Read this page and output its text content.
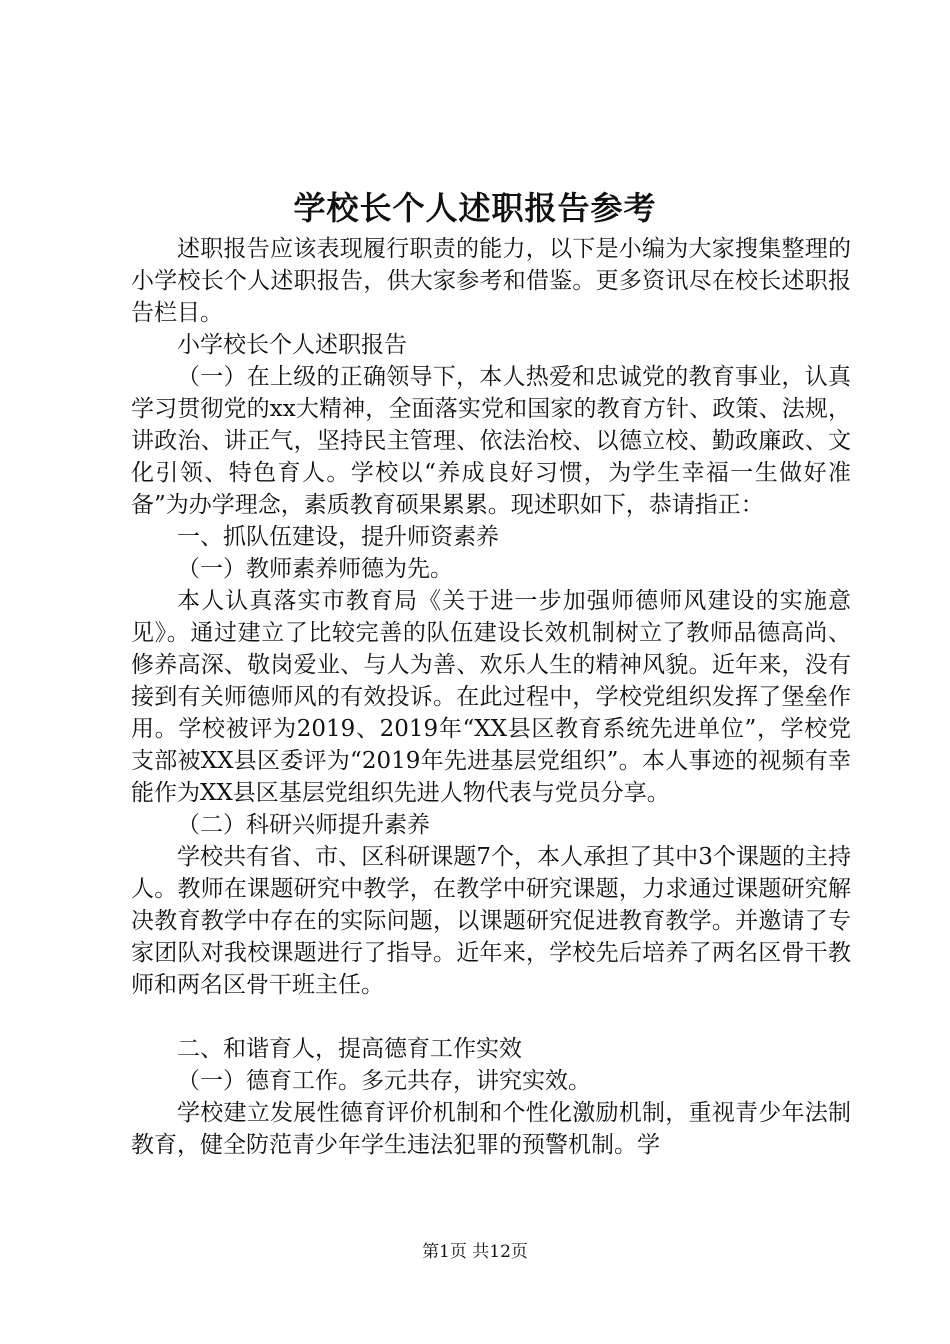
学校长个人述职报告参考

述职报告应该表现履行职责的能力，以下是小编为大家搜集整理的小学校长个人述职报告，供大家参考和借鉴。更多资讯尽在校长述职报告栏目。

小学校长个人述职报告

（一）在上级的正确领导下，本人热爱和忠诚党的教育事业，认真学习贯彻党的xx大精神，全面落实党和国家的教育方针、政策、法规，讲政治、讲正气，坚持民主管理、依法治校、以德立校、勤政廉政、文化引领、特色育人。学校以“养成良好习惯，为学生幸福一生做好准备”为办学理念，素质教育硕果累累。现述职如下，恭请指正：

一、抓队伍建设，提升师资素养

（一）教师素养师德为先。

本人认真落实市教育局《关于进一步加强师德师风建设的实施意见》。通过建立了比较完善的队伍建设长效机制树立了教师品德高尚、修养高深、敬岗爱业、与人为善、欢乐人生的精神风貌。近年来，没有接到有关师德师风的有效投诉。在此过程中，学校党组织发挥了堡垒作用。学校被评为2019、2019年“XX县区教育系统先进单位”，学校党支部被XX县区委评为“2019年先进基层党组织”。本人事迹的视频有幸能作为XX县区基层党组织先进人物代表与党员分享。

（二）科研兴师提升素养

学校共有省、市、区科研课题7个，本人承担了其中3个课题的主持人。教师在课题研究中教学，在教学中研究课题，力求通过课题研究解决教育教学中存在的实际问题，以课题研究促进教育教学。并邀请了专家团队对我校课题进行了指导。近年来，学校先后培养了两名区骨干教师和两名区骨干班主任。

二、和谐育人，提高德育工作实效

（一）德育工作。多元共存，讲究实效。

学校建立发展性德育评价机制和个性化激励机制，重视青少年法制教育，健全防范青少年学生违法犯罪的预警机制。学

第1页 共12页
